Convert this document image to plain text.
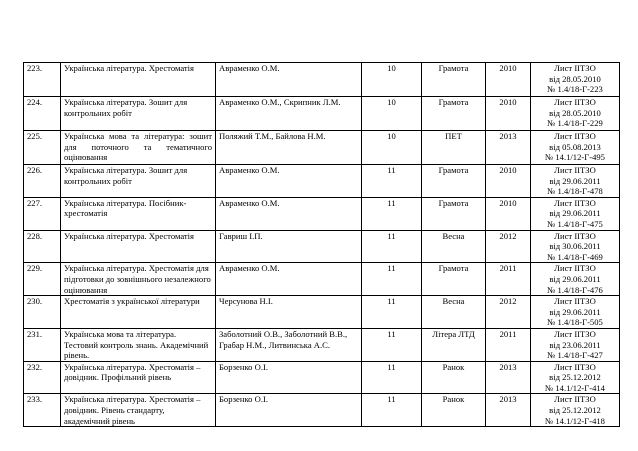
223.	Українська література. Хрестоматія	Авраменко О.М.	10	Грамота	2010	Лист ІІТЗО
від 28.05.2010
№ 1.4/18-Г-223

224.	Українська література. Зошит для контрольних робіт	Авраменко О.М., Скрипник Л.М.	10	Грамота	2010	Лист ІІТЗО
від 28.05.2010
№ 1.4/18-Г-229

225.	Українська мова та література: зошит для поточного та тематичного оцінювання	Поляжий Т.М., Байлова Н.М.	10	ПЕТ	2013	Лист ІІТЗО
від 05.08.2013
№ 14.1/12-Г-495

226.	Українська література. Зошит для контрольних робіт	Авраменко О.М.	11	Грамота	2010	Лист ІІТЗО
від 29.06.2011
№ 1.4/18-Г-478

227.	Українська література. Посібник-хрестоматія	Авраменко О.М.	11	Грамота	2010	Лист ІІТЗО
від 29.06.2011
№ 1.4/18-Г-475

228.	Українська література. Хрестоматія	Гавриш І.П.	11	Весна	2012	Лист ІІТЗО
від 30.06.2011
№ 1.4/18-Г-469

229.	Українська література. Хрестоматія для підготовки до зовнішнього незалежного оцінювання	Авраменко О.М.	11	Грамота	2011	Лист ІІТЗО
від 29.06.2011
№ 1.4/18-Г-476

230.	Хрестоматія з української літератури	Черсунова Н.І.	11	Весна	2012	Лист ІІТЗО
від 29.06.2011
№ 1.4/18-Г-505

231.	Українська мова та література. Тестовий контроль знань. Академічний рівень.	Заболотний О.В., Заболотний В.В., Грабар Н.М., Литвинська А.С.	11	Літера ЛТД	2011	Лист ІІТЗО
від 23.06.2011
№ 1.4/18-Г-427

232.	Українська література. Хрестоматія – довідник. Профільний рівень	Борзенко О.І.	11	Ранок	2013	Лист ІІТЗО
від 25.12.2012
№ 14.1/12-Г-414

233.	Українська література. Хрестоматія – довідник. Рівень стандарту, академічний рівень	Борзенко О.І.	11	Ранок	2013	Лист ІІТЗО
від 25.12.2012
№ 14.1/12-Г-418
